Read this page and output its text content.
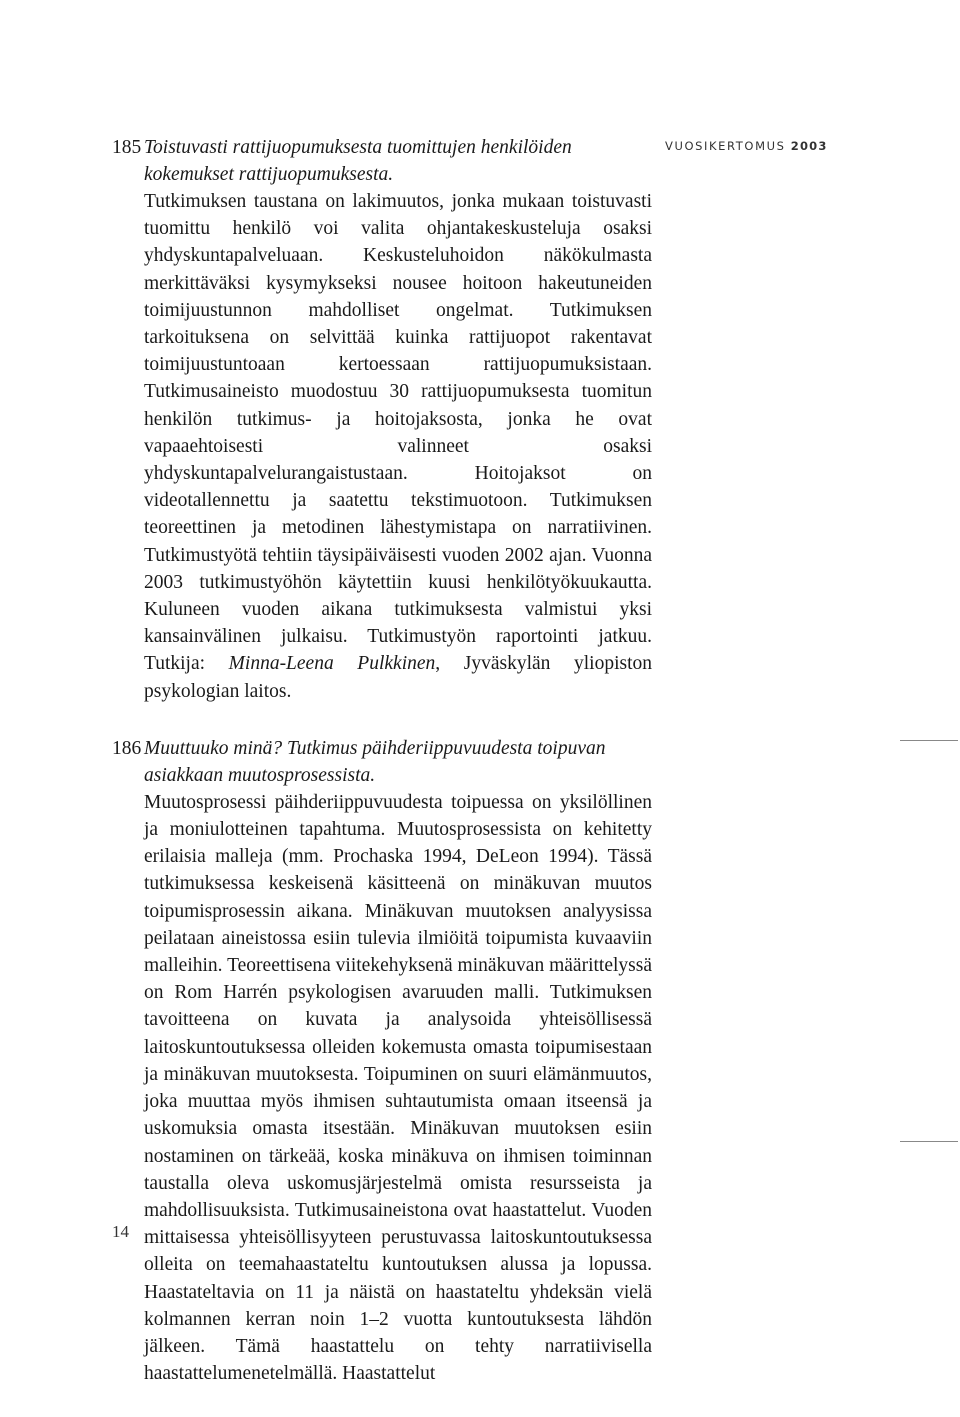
VUOSIKERTOMUS 2003
185 Toistuvasti rattijuopumuksesta tuomittujen henkilöiden kokemukset rattijuopumuksesta.

Tutkimuksen taustana on lakimuutos, jonka mukaan toistuvasti tuomittu henkilö voi valita ohjantakeskusteluja osaksi yhdyskuntapalveluaan. Keskusteluhoidon näkökulmasta merkittäväksi kysymykseksi nousee hoitoon hakeutuneiden toimijuustunnon mahdolliset ongelmat. Tutkimuksen tarkoituksena on selvittää kuinka rattijuopot rakentavat toimijuustuntoaan kertoessaan rattijuopumuksistaan. Tutkimusaineisto muodostuu 30 rattijuopumuksesta tuomitun henkilön tutkimus- ja hoitojaksosta, jonka he ovat vapaaehtoisesti valinneet osaksi yhdyskuntapalvelurangaistustaan. Hoitojaksot on videotallennettu ja saatettu tekstimuotoon. Tutkimuksen teoreettinen ja metodinen lähestymistapa on narratiivinen. Tutkimustyötä tehtiin täysipäiväisesti vuoden 2002 ajan. Vuonna 2003 tutkimustyöhön käytettiin kuusi henkilötyökuukautta. Kuluneen vuoden aikana tutkimuksesta valmistui yksi kansainvälinen julkaisu. Tutkimustyön raportointi jatkuu. Tutkija: Minna-Leena Pulkkinen, Jyväskylän yliopiston psykologian laitos.

186 Muuttuuko minä? Tutkimus päihderiippuvuudesta toipuvan asiakkaan muutosprosessista.

Muutosprosessi päihderiippuvuudesta toipuessa on yksilöllinen ja moniulotteinen tapahtuma. Muutosprosessista on kehitetty erilaisia malleja (mm. Prochaska 1994, DeLeon 1994). Tässä tutkimuksessa keskeisenä käsitteenä on minäkuvan muutos toipumisprosessin aikana. Minäkuvan muutoksen analyysissa peilataan aineistossa esiin tulevia ilmiöitä toipumista kuvaaviin malleihin. Teoreettisena viitekehyksenä minäkuvan määrittelyssä on Rom Harrén psykologisen avaruuden malli. Tutkimuksen tavoitteena on kuvata ja analysoida yhteisöllisessä laitoskuntoutuksessa olleiden kokemusta omasta toipumisestaan ja minäkuvan muutoksesta. Toipuminen on suuri elämänmuutos, joka muuttaa myös ihmisen suhtautumista omaan itseensä ja uskomuksia omasta itsestään. Minäkuvan muutoksen esiin nostaminen on tärkeää, koska minäkuva on ihmisen toiminnan taustalla oleva uskomusjärjestelmä omista resursseista ja mahdollisuuksista. Tutkimusaineistona ovat haastattelut. Vuoden mittaisessa yhteisöllisyyteen perustuvassa laitoskuntoutuksessa olleita on teemahaastateltu kuntoutuksen alussa ja lopussa. Haastateltavia on 11 ja näistä on haastateltu yhdeksän vielä kolmannen kerran noin 1–2 vuotta kuntoutuksesta lähdön jälkeen. Tämä haastattelu on tehty narratiivisella haastattelumenetelmällä. Haastattelut

14
